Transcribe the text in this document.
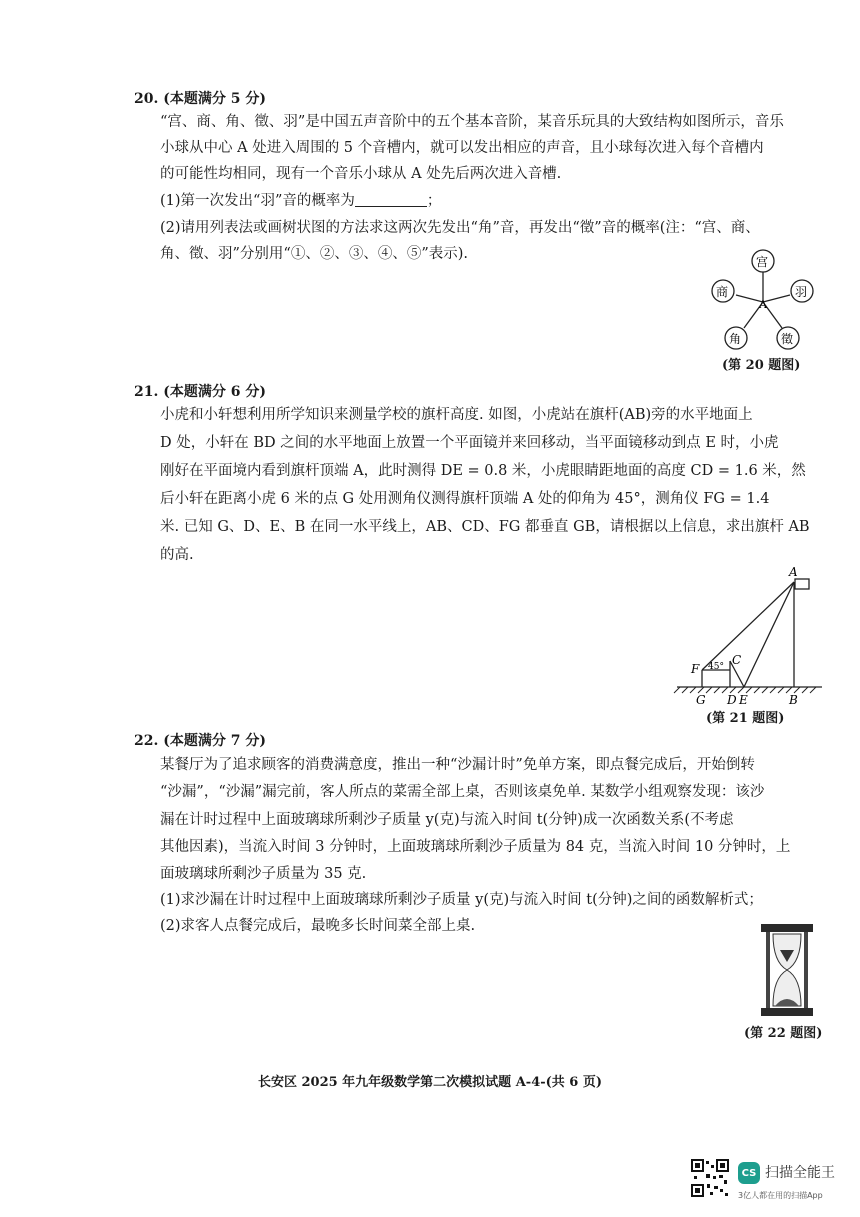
20. (本题满分 5 分)
“宫、商、角、徵、羽”是中国五声音阶中的五个基本音阶，某音乐玩具的大致结构如图所示，音乐
小球从中心 A 处进入周围的 5 个音槽内，就可以发出相应的声音，且小球每次进入每个音槽内
的可能性均相同，现有一个音乐小球从 A 处先后两次进入音槽.
(1)第一次发出“羽”音的概率为	；
(2)请用列表法或画树状图的方法求这两次先发出“角”音，再发出“徵”音的概率(注：“宫、商、
角、徵、羽”分别用“①、②、③、④、⑤”表示).
A
宫
商	羽
角	徵
(第 20 题图)
21. (本题满分 6 分)
小虎和小轩想利用所学知识来测量学校的旗杆高度. 如图，小虎站在旗杆(AB)旁的水平地面上
D 处，小轩在 BD 之间的水平地面上放置一个平面镜并来回移动，当平面镜移动到点 E 时，小虎
刚好在平面境内看到旗杆顶端 A，此时测得 DE = 0.8 米，小虎眼睛距地面的高度 CD = 1.6 米，然
后小轩在距离小虎 6 米的点 G 处用测角仪测得旗杆顶端 A 处的仰角为 45°，测角仪 FG = 1.4
米. 已知 G、D、E、B 在同一水平线上，AB、CD、FG 都垂直 GB，请根据以上信息，求出旗杆 AB
的高.
A
F
C
45°
G D E	B
(第 21 题图)
22. (本题满分 7 分)
某餐厅为了追求顾客的消费满意度，推出一种“沙漏计时”免单方案，即点餐完成后，开始倒转
“沙漏”，“沙漏”漏完前，客人所点的菜需全部上桌，否则该桌免单. 某数学小组观察发现：该沙
漏在计时过程中上面玻璃球所剩沙子质量 y(克)与流入时间 t(分钟)成一次函数关系(不考虑
其他因素)，当流入时间 3 分钟时，上面玻璃球所剩沙子质量为 84 克，当流入时间 10 分钟时，上
面玻璃球所剩沙子质量为 35 克.
(1)求沙漏在计时过程中上面玻璃球所剩沙子质量 y(克)与流入时间 t(分钟)之间的函数解析式；
(2)求客人点餐完成后，最晚多长时间菜全部上桌.
(第 22 题图)
长安区 2025 年九年级数学第二次模拟试题 A-4-(共 6 页)
CS 扫描全能王
3亿人都在用的扫描App
